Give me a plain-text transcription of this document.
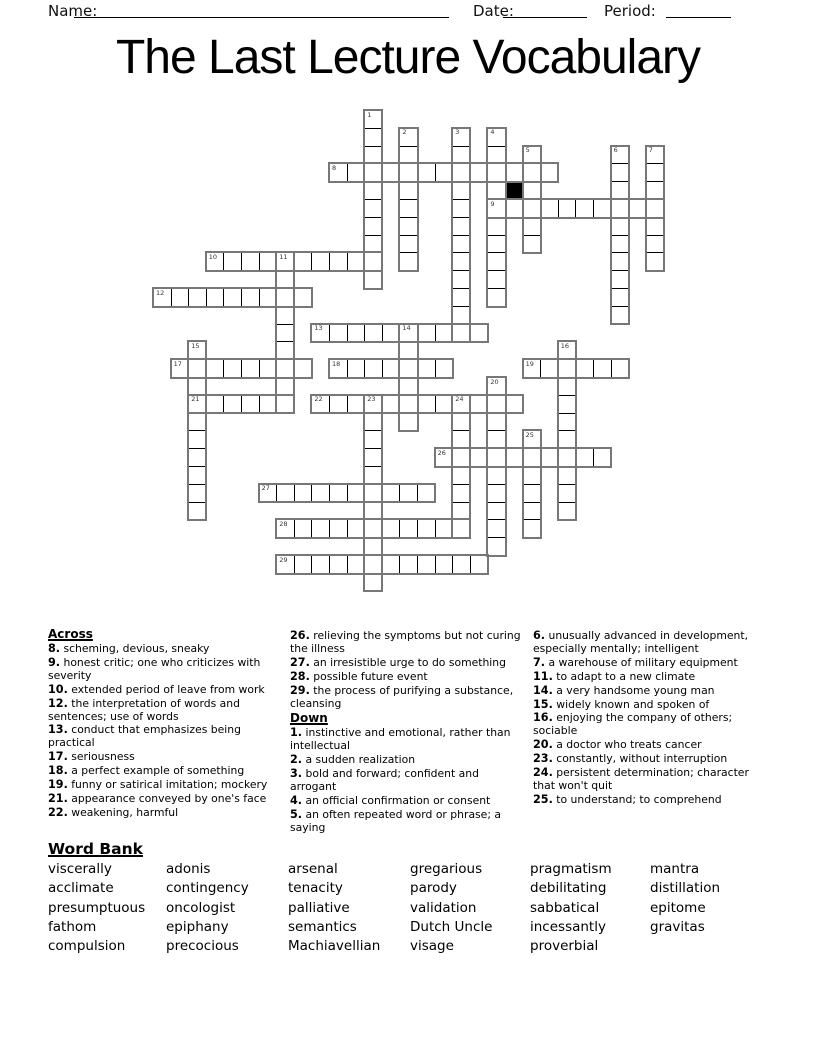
Name:	Date:	Period:
The Last Lecture Vocabulary
1
2	3	4
9
5	6	7
8
10	11
12
13	14
15
21
16
17	18	19
20
22	23	24
25
26
27
28
29
Across
8. scheming, devious, sneaky
9. honest critic; one who criticizes with severity
10. extended period of leave from work
12. the interpretation of words and sentences; use of words
13. conduct that emphasizes being practical
17. seriousness
18. a perfect example of something
19. funny or satirical imitation; mockery
21. appearance conveyed by one's face
22. weakening, harmful
26. relieving the symptoms but not curing the illness
27. an irresistible urge to do something
28. possible future event
29. the process of purifying a substance, cleansing
Down
1. instinctive and emotional, rather than intellectual
2. a sudden realization
3. bold and forward; confident and arrogant
4. an official confirmation or consent
5. an often repeated word or phrase; a saying
6. unusually advanced in development, especially mentally; intelligent
7. a warehouse of military equipment
11. to adapt to a new climate
14. a very handsome young man
15. widely known and spoken of
16. enjoying the company of others; sociable
20. a doctor who treats cancer
23. constantly, without interruption
24. persistent determination; character that won't quit
25. to understand; to comprehend
Word Bank
viscerally
acclimate
presumptuous
fathom
compulsion
adonis
contingency
oncologist
epiphany
precocious
arsenal
tenacity
palliative
semantics
Machiavellian
gregarious
parody
validation
Dutch Uncle
visage
pragmatism
debilitating
sabbatical
incessantly
proverbial
mantra
distillation
epitome
gravitas
